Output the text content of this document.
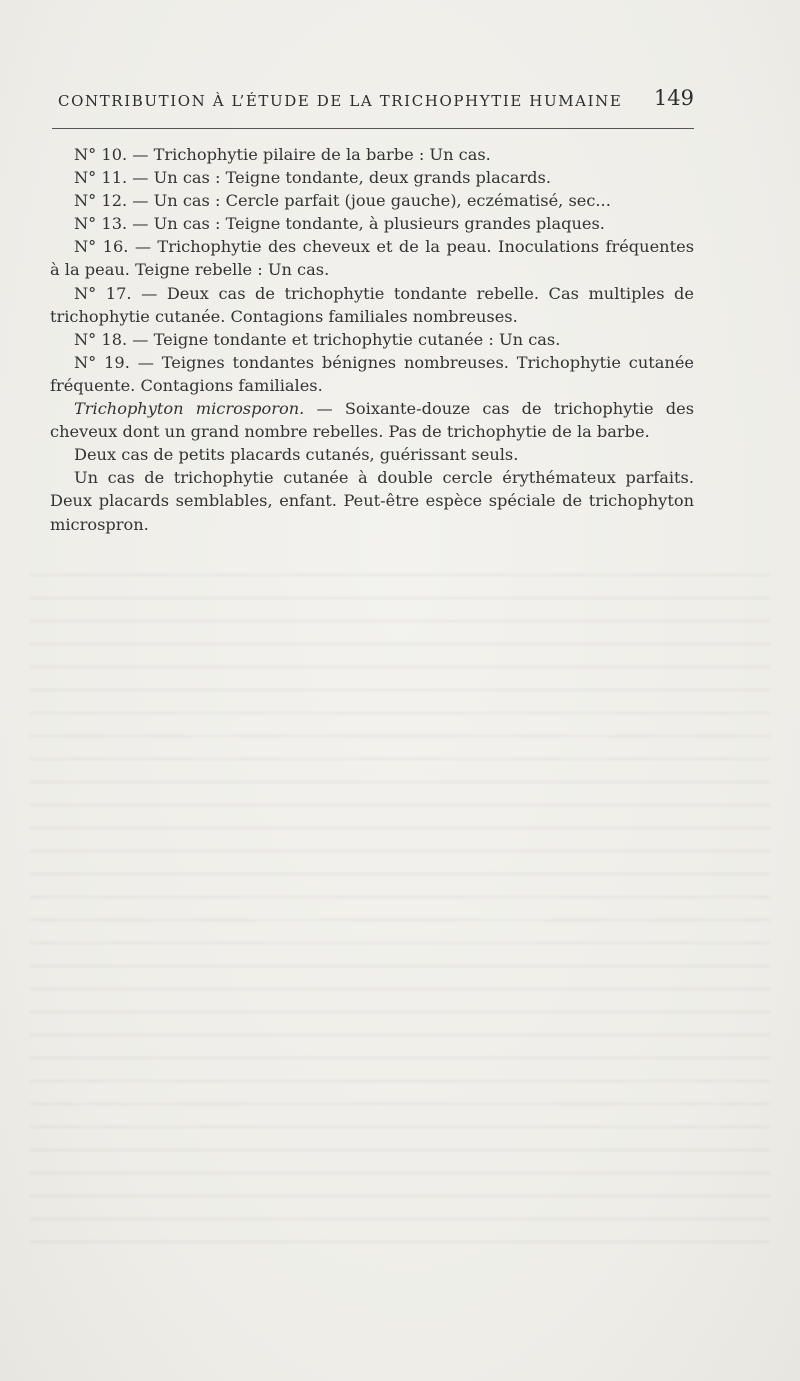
CONTRIBUTION À L’ÉTUDE DE LA TRICHOPHYTIE HUMAINE 149

N° 10. — Trichophytie pilaire de la barbe : Un cas.

N° 11. — Un cas : Teigne tondante, deux grands placards.

N° 12. — Un cas : Cercle parfait (joue gauche), eczématisé, sec...

N° 13. — Un cas : Teigne tondante, à plusieurs grandes plaques.

N° 16. — Trichophytie des cheveux et de la peau. Inoculations fréquentes à la peau. Teigne rebelle : Un cas.

N° 17. — Deux cas de trichophytie tondante rebelle. Cas multiples de trichophytie cutanée. Contagions familiales nombreuses.

N° 18. — Teigne tondante et trichophytie cutanée : Un cas.

N° 19. — Teignes tondantes bénignes nombreuses. Trichophytie cutanée fréquente. Contagions familiales.

Trichophyton microsporon. — Soixante-douze cas de trichophytie des cheveux dont un grand nombre rebelles. Pas de trichophytie de la barbe.

Deux cas de petits placards cutanés, guérissant seuls.

Un cas de trichophytie cutanée à double cercle érythémateux parfaits. Deux placards semblables, enfant. Peut-être espèce spéciale de trichophyton microspron.
